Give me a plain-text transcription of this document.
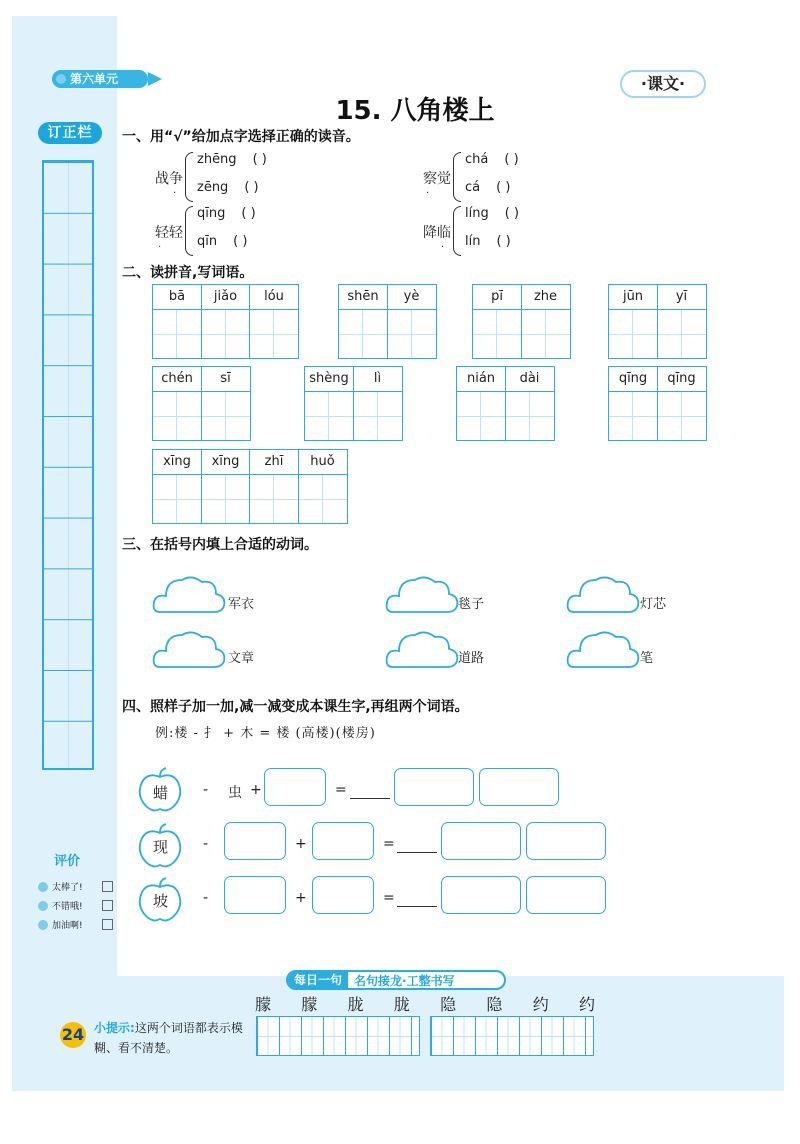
第六单元	·课文·
15. 八角楼上
订正栏
评价
太棒了!
不错哦!
加油啊!
一、用“√”给加点字选择正确的读音。
战争
·
zhēng ( )
zēng ( )
察觉
·
chá ( )
cá ( )
轻轻
·
qīng ( )
qīn ( )
降临
·
líng ( )
lín ( )
二、读拼音,写词语。
bā	jiǎo	lóu	shēn	yè	pī	zhe	jūn	yī
chén	sī	shèng	lì	nián	dài	qīng	qīng
xīng	xīng	zhī	huǒ
三、在括号内填上合适的动词。
军衣	毯子	灯芯
文章	道路	笔
四、照样子加一加,减一减变成本课生字,再组两个词语。
例:楼 - 扌 + 木 = 楼 (高楼)(楼房)
蜡 - 虫 +	=
现 -	+	=
坡 -	+	=
每日一句	名句接龙·工整书写
朦 朦 胧 胧 隐 隐 约 约
24 小提示:这两个词语都表示模糊、看不清楚。
